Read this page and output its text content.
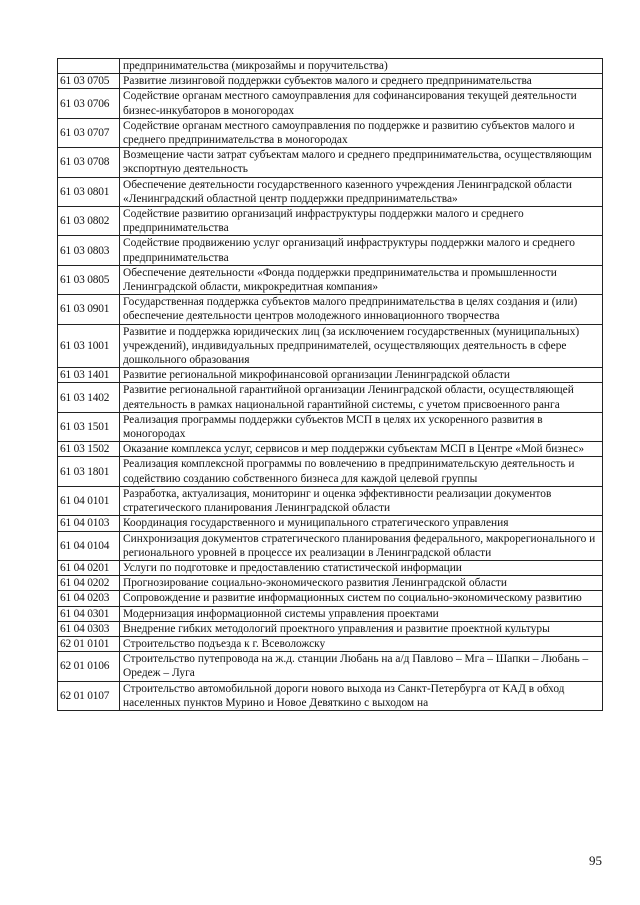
	предпринимательства (микрозаймы и поручительства)
61 03 0705	Развитие лизинговой поддержки субъектов малого и среднего предпринимательства
61 03 0706	Содействие органам местного самоуправления для софинансирования текущей деятельности бизнес-инкубаторов в моногородах
61 03 0707	Содействие органам местного самоуправления по поддержке и развитию субъектов малого и среднего предпринимательства в моногородах
61 03 0708	Возмещение части затрат субъектам малого и среднего предпринимательства, осуществляющим экспортную деятельность
61 03 0801	Обеспечение деятельности государственного казенного учреждения Ленинградской области «Ленинградский областной центр поддержки предпринимательства»
61 03 0802	Содействие развитию организаций инфраструктуры поддержки малого и среднего предпринимательства
61 03 0803	Содействие продвижению услуг организаций инфраструктуры поддержки малого и среднего предпринимательства
61 03 0805	Обеспечение деятельности «Фонда поддержки предпринимательства и промышленности Ленинградской области, микрокредитная компания»
61 03 0901	Государственная поддержка субъектов малого предпринимательства в целях создания и (или) обеспечение деятельности центров молодежного инновационного творчества
61 03 1001	Развитие и поддержка юридических лиц (за исключением государственных (муниципальных) учреждений), индивидуальных предпринимателей, осуществляющих деятельность в сфере дошкольного образования
61 03 1401	Развитие региональной микрофинансовой организации Ленинградской области
61 03 1402	Развитие региональной гарантийной организации Ленинградской области, осуществляющей деятельность в рамках национальной гарантийной системы, с учетом присвоенного ранга
61 03 1501	Реализация программы поддержки субъектов МСП в целях их ускоренного развития в моногородах
61 03 1502	Оказание комплекса услуг, сервисов и мер поддержки субъектам МСП в Центре «Мой бизнес»
61 03 1801	Реализация комплексной программы по вовлечению в предпринимательскую деятельность и содействию созданию собственного бизнеса для каждой целевой группы
61 04 0101	Разработка, актуализация, мониторинг и оценка эффективности реализации документов стратегического планирования Ленинградской области
61 04 0103	Координация государственного и муниципального стратегического управления
61 04 0104	Синхронизация документов стратегического планирования федерального, макрорегионального и регионального уровней в процессе их реализации в Ленинградской области
61 04 0201	Услуги по подготовке и предоставлению статистической информации
61 04 0202	Прогнозирование социально-экономического развития Ленинградской области
61 04 0203	Сопровождение и развитие информационных систем по социально-экономическому развитию
61 04 0301	Модернизация информационной системы управления проектами
61 04 0303	Внедрение гибких методологий проектного управления и развитие проектной культуры
62 01 0101	Строительство подъезда к г. Всеволожску
62 01 0106	Строительство путепровода на ж.д. станции Любань на а/д Павлово – Мга – Шапки – Любань – Оредеж – Луга
62 01 0107	Строительство автомобильной дороги нового выхода из Санкт-Петербурга от КАД в обход населенных пунктов Мурино и Новое Девяткино с выходом на
95
